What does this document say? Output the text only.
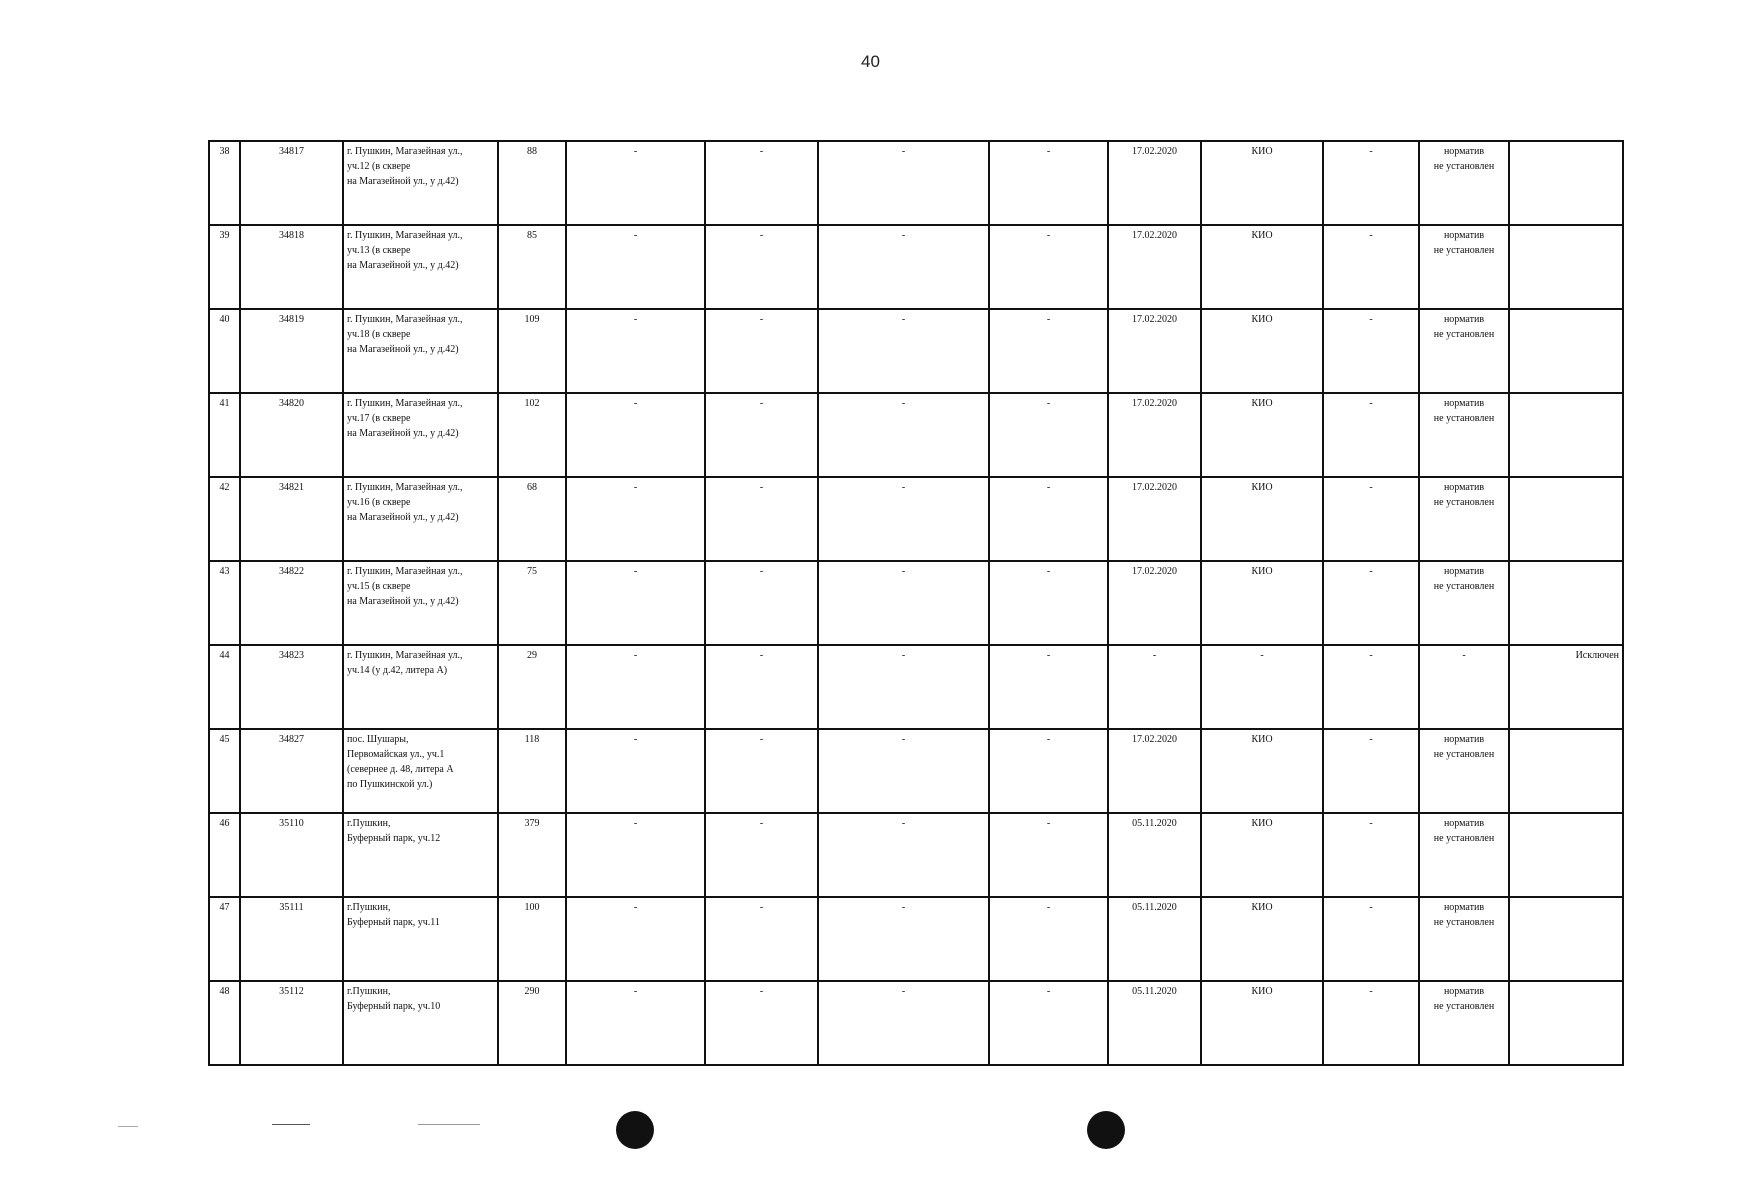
40
38	34817	г. Пушкин, Магазейная ул.,
уч.12 (в сквере
на Магазейной ул., у д.42)	88	-	-	-	-	17.02.2020	КИО	-	норматив
не установлен	

39	34818	г. Пушкин, Магазейная ул.,
уч.13 (в сквере
на Магазейной ул., у д.42)	85	-	-	-	-	17.02.2020	КИО	-	норматив
не установлен	

40	34819	г. Пушкин, Магазейная ул.,
уч.18 (в сквере
на Магазейной ул., у д.42)	109	-	-	-	-	17.02.2020	КИО	-	норматив
не установлен	

41	34820	г. Пушкин, Магазейная ул.,
уч.17 (в сквере
на Магазейной ул., у д.42)	102	-	-	-	-	17.02.2020	КИО	-	норматив
не установлен	

42	34821	г. Пушкин, Магазейная ул.,
уч.16 (в сквере
на Магазейной ул., у д.42)	68	-	-	-	-	17.02.2020	КИО	-	норматив
не установлен	

43	34822	г. Пушкин, Магазейная ул.,
уч.15 (в сквере
на Магазейной ул., у д.42)	75	-	-	-	-	17.02.2020	КИО	-	норматив
не установлен	

44	34823	г. Пушкин, Магазейная ул.,
уч.14 (у д.42, литера А)	29	-	-	-	-	-	-	-	-	Исключен
45	34827	пос. Шушары,
Первомайская ул., уч.1
(севернее д. 48, литера А
по Пушкинской ул.)	118	-	-	-	-	17.02.2020	КИО	-	норматив
не установлен	

46	35110	г.Пушкин,
Буферный парк, уч.12	379	-	-	-	-	05.11.2020	КИО	-	норматив
не установлен	

47	35111	г.Пушкин,
Буферный парк, уч.11	100	-	-	-	-	05.11.2020	КИО	-	норматив
не установлен	

48	35112	г.Пушкин,
Буферный парк, уч.10	290	-	-	-	-	05.11.2020	КИО	-	норматив
не установлен	
